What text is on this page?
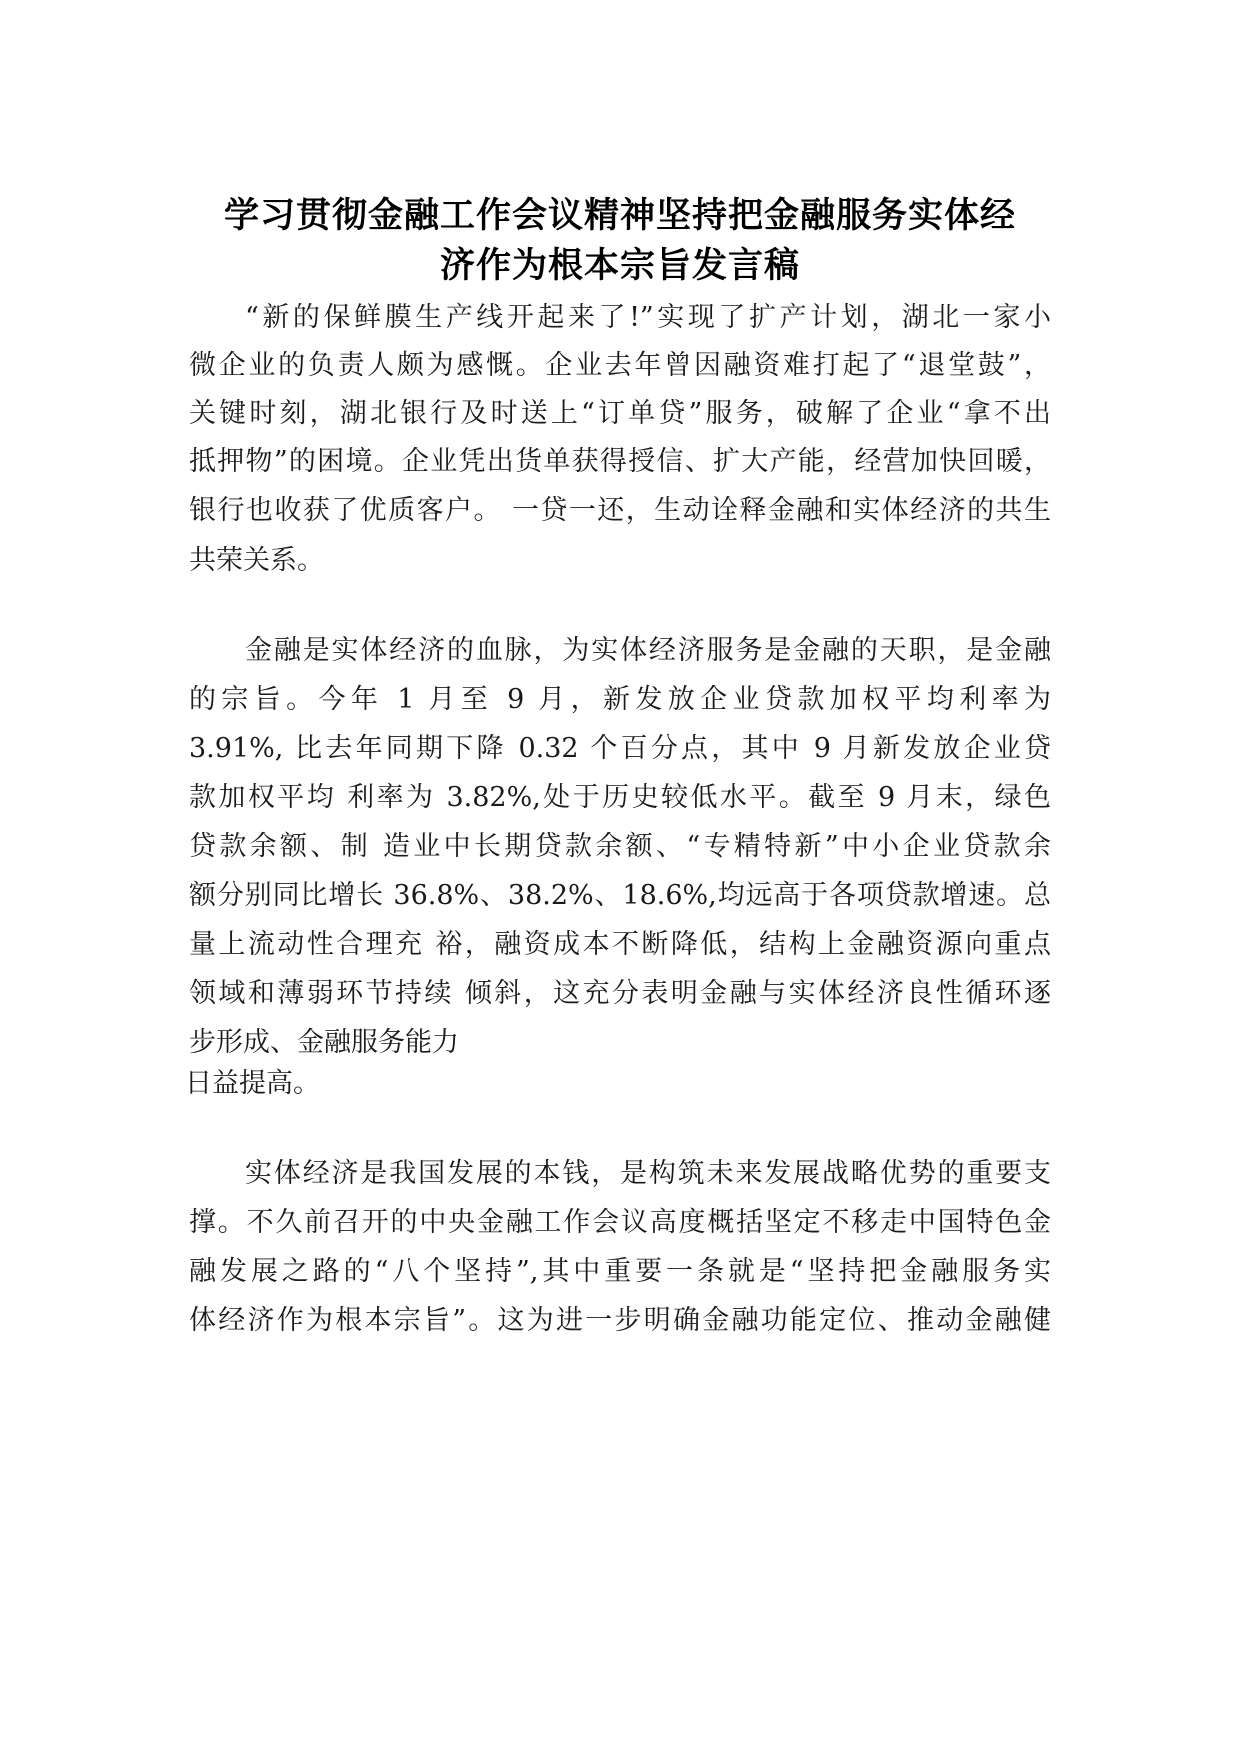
学习贯彻金融工作会议精神坚持把金融服务实体经
济作为根本宗旨发言稿
“新的保鲜膜生产线开起来了!”实现了扩产计划，湖北一家小
微企业的负责人颇为感慨。企业去年曾因融资难打起了“退堂鼓”，
关键时刻，湖北银行及时送上“订单贷”服务，破解了企业“拿不出
抵押物”的困境。企业凭出货单获得授信、扩大产能，经营加快回暖，
银行也收获了优质客户。 一贷一还，生动诠释金融和实体经济的共生
共荣关系。
金融是实体经济的血脉，为实体经济服务是金融的天职，是金融
的宗旨。今年 1 月至 9 月，新发放企业贷款加权平均利率为
3.91%, 比去年同期下降 0.32 个百分点，其中 9 月新发放企业贷
款加权平均 利率为 3.82%,处于历史较低水平。截至 9 月末，绿色
贷款余额、制 造业中长期贷款余额、“专精特新”中小企业贷款余
额分别同比增长 36.8%、38.2%、18.6%,均远高于各项贷款增速。总
量上流动性合理充 裕，融资成本不断降低，结构上金融资源向重点
领域和薄弱环节持续 倾斜，这充分表明金融与实体经济良性循环逐
步形成、金融服务能力
日益提高。
实体经济是我国发展的本钱，是构筑未来发展战略优势的重要支
撑。不久前召开的中央金融工作会议高度概括坚定不移走中国特色金
融发展之路的“八个坚持”,其中重要一条就是“坚持把金融服务实
体经济作为根本宗旨”。这为进一步明确金融功能定位、推动金融健
